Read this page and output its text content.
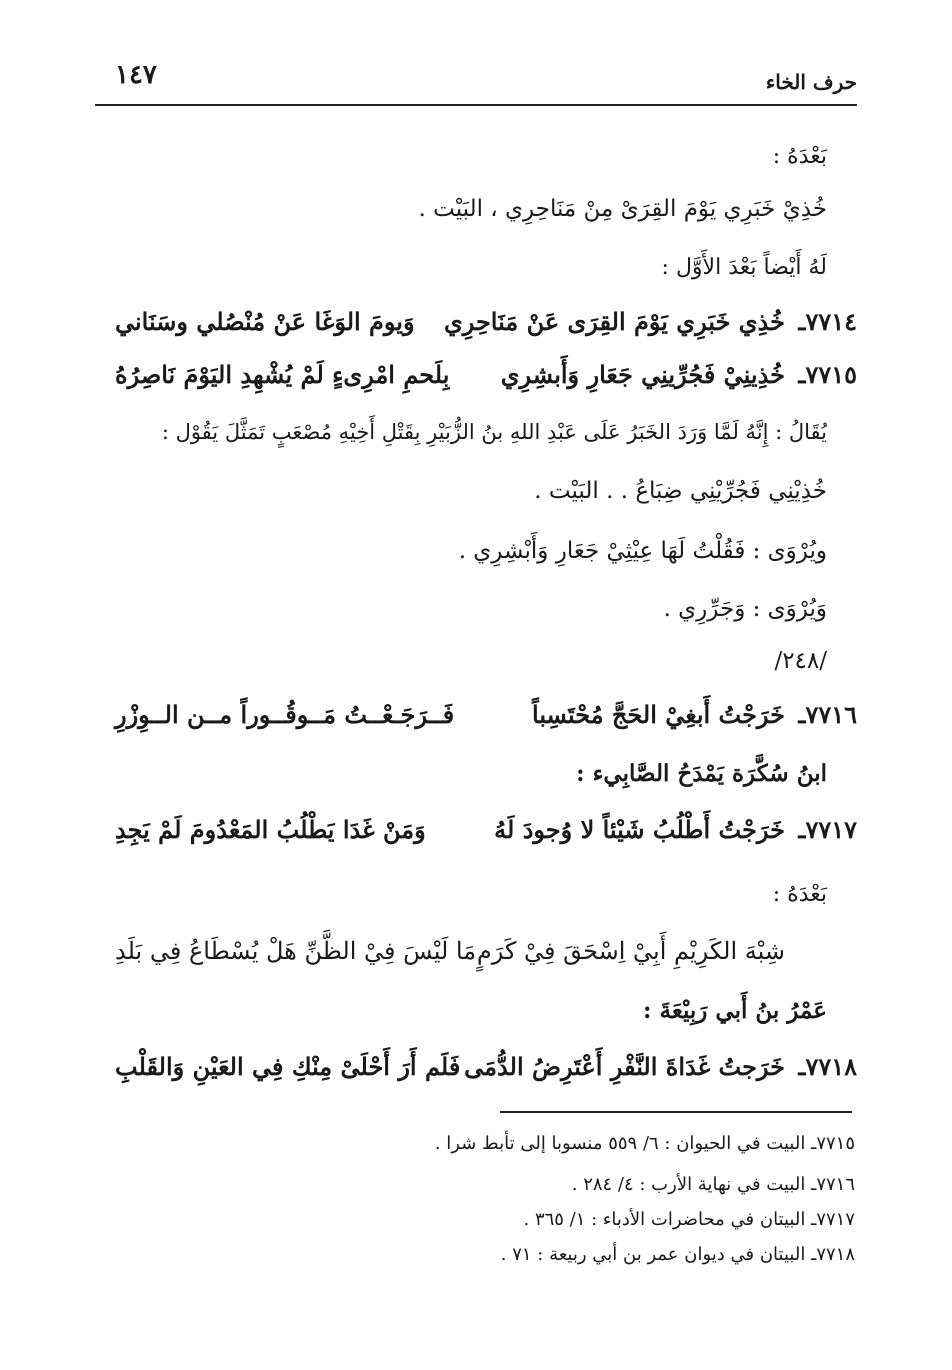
حرف الخاء
١٤٧
بَعْدَهُ :
خُذِيْ خَبَرِي يَوْمَ القِرَىْ مِنْ مَنَاحِرِي ، البَيْت .
لَهُ أَيْضاً بَعْدَ الأَوَّل :
٧٧١٤ـ
خُذِي خَبَرِي يَوْمَ القِرَى عَنْ مَنَاحِرِي
وَيومَ الوَغَا عَنْ مُنْصُلي وسَنَاني
٧٧١٥ـ
خُذِينِيْ فَجُرِّينِي جَعَارِ وَأَبشِرِي
بِلَحمِ امْرِىءٍ لَمْ يُشْهِدِ اليَوْمَ نَاصِرُهُ
يُقَالُ : إِنَّهُ لَمَّا وَرَدَ الخَبَرُ عَلَى عَبْدِ اللهِ بنُ الزُّبَيْرِ بِقَتْلِ أَخِيْهِ مُصْعَبٍ تَمَثَّلَ يَقُوْل :
خُذِيْنِي فَجُرِّيْنِي ضِبَاعُ . . البَيْت .
ويُرْوَى : فَقُلْتُ لَهَا عِيْثِيْ جَعَارِ وَأَبْشِرِي .
وَيُرْوَى : وَجَرِّرِي .
/٢٤٨/
٧٧١٦ـ
خَرَجْتُ أَبغِيْ الحَجَّ مُحْتَسِباً
فَــرَجَـعْــتُ مَــوقُــوراً مــن الــوِزْرِ
ابنُ سُكَّرَة يَمْدَحُ الصَّابِيء :
٧٧١٧ـ
خَرَجْتُ أَطْلُبُ شَيْئاً لا وُجودَ لَهُ
وَمَنْ غَدَا يَطْلُبُ المَعْدُومَ لَمْ يَجِدِ
بَعْدَهُ :
شِبْهَ الكَرِيْمِ أَبِيْ اِسْحَقَ فِيْ كَرَمٍ
مَا لَيْسَ فِيْ الظَّنِّ هَلْ يُسْطَاعُ فِي بَلَدِ
عَمْرُ بنُ أَبي رَبِيْعَةَ :
٧٧١٨ـ
خَرَجتُ غَدَاةَ النَّفْرِ أَعْتَرِضُ الدُّمَى
فَلَم أَرَ أَحْلَىْ مِنْكِ فِي العَيْنِ وَالقَلْبِ
٧٧١٥ـ البيت في الحيوان : ٦/ ٥٥٩ منسوبا إلى تأبط شرا .
٧٧١٦ـ البيت في نهاية الأرب : ٤/ ٢٨٤ .
٧٧١٧ـ البيتان في محاضرات الأدباء : ١/ ٣٦٥ .
٧٧١٨ـ البيتان في ديوان عمر بن أبي ربيعة : ٧١ .
